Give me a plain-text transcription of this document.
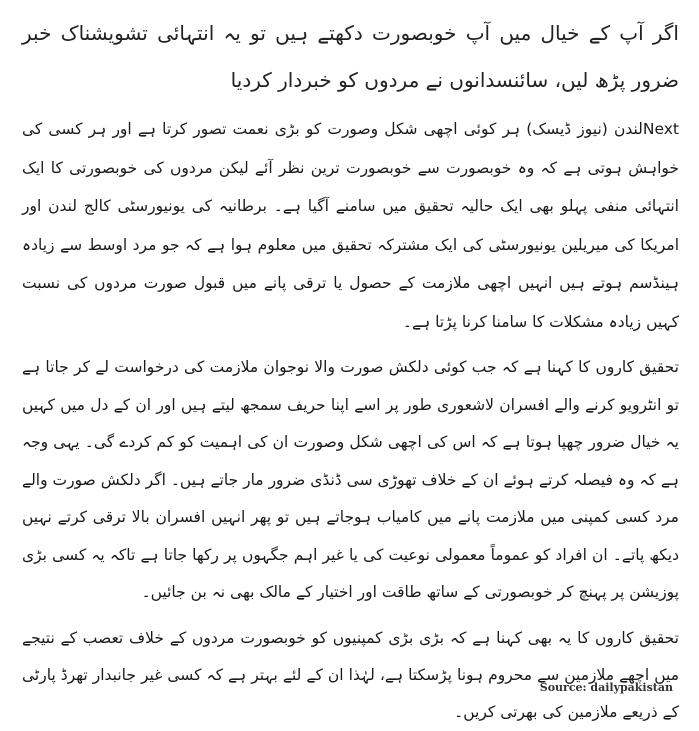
اگر آپ کے خیال میں آپ خوبصورت دکھتے ہیں تو یہ انتہائی تشویشناک خبر ضرور پڑھ لیں، سائنسدانوں نے مردوں کو خبردار کردیا

Nextلندن (نیوز ڈیسک) ہر کوئی اچھی شکل وصورت کو بڑی نعمت تصور کرتا ہے اور ہر کسی کی خواہش ہوتی ہے کہ وہ خوبصورت سے خوبصورت ترین نظر آئے لیکن مردوں کی خوبصورتی کا ایک انتہائی منفی پہلو بھی ایک حالیہ تحقیق میں سامنے آگیا ہے۔ برطانیہ کی یونیورسٹی کالج لندن اور امریکا کی میریلین یونیورسٹی کی ایک مشترکہ تحقیق میں معلوم ہوا ہے کہ جو مرد اوسط سے زیادہ ہینڈسم ہوتے ہیں انہیں اچھی ملازمت کے حصول یا ترقی پانے میں قبول صورت مردوں کی نسبت کہیں زیادہ مشکلات کا سامنا کرنا پڑتا ہے۔

تحقیق کاروں کا کہنا ہے کہ جب کوئی دلکش صورت والا نوجوان ملازمت کی درخواست لے کر جاتا ہے تو انٹرویو کرنے والے افسران لاشعوری طور پر اسے اپنا حریف سمجھ لیتے ہیں اور ان کے دل میں کہیں یہ خیال ضرور چھپا ہوتا ہے کہ اس کی اچھی شکل وصورت ان کی اہمیت کو کم کردے گی۔ یہی وجہ ہے کہ وہ فیصلہ کرتے ہوئے ان کے خلاف تھوڑی سی ڈنڈی ضرور مار جاتے ہیں۔ اگر دلکش صورت والے مرد کسی کمپنی میں ملازمت پانے میں کامیاب ہوجاتے ہیں تو پھر انہیں افسران بالا ترقی کرتے نہیں دیکھ پاتے۔ ان افراد کو عموماً معمولی نوعیت کی یا غیر اہم جگہوں پر رکھا جاتا ہے تاکہ یہ کسی بڑی پوزیشن پر پہنچ کر خوبصورتی کے ساتھ طاقت اور اختیار کے مالک بھی نہ بن جائیں۔

تحقیق کاروں کا یہ بھی کہنا ہے کہ بڑی بڑی کمپنیوں کو خوبصورت مردوں کے خلاف تعصب کے نتیجے میں اچھے ملازمین سے محروم ہونا پڑسکتا ہے، لہٰذا ان کے لئے بہتر ہے کہ کسی غیر جانبدار تھرڈ پارٹی کے ذریعے ملازمین کی بھرتی کریں۔

Source: dailypakistan
